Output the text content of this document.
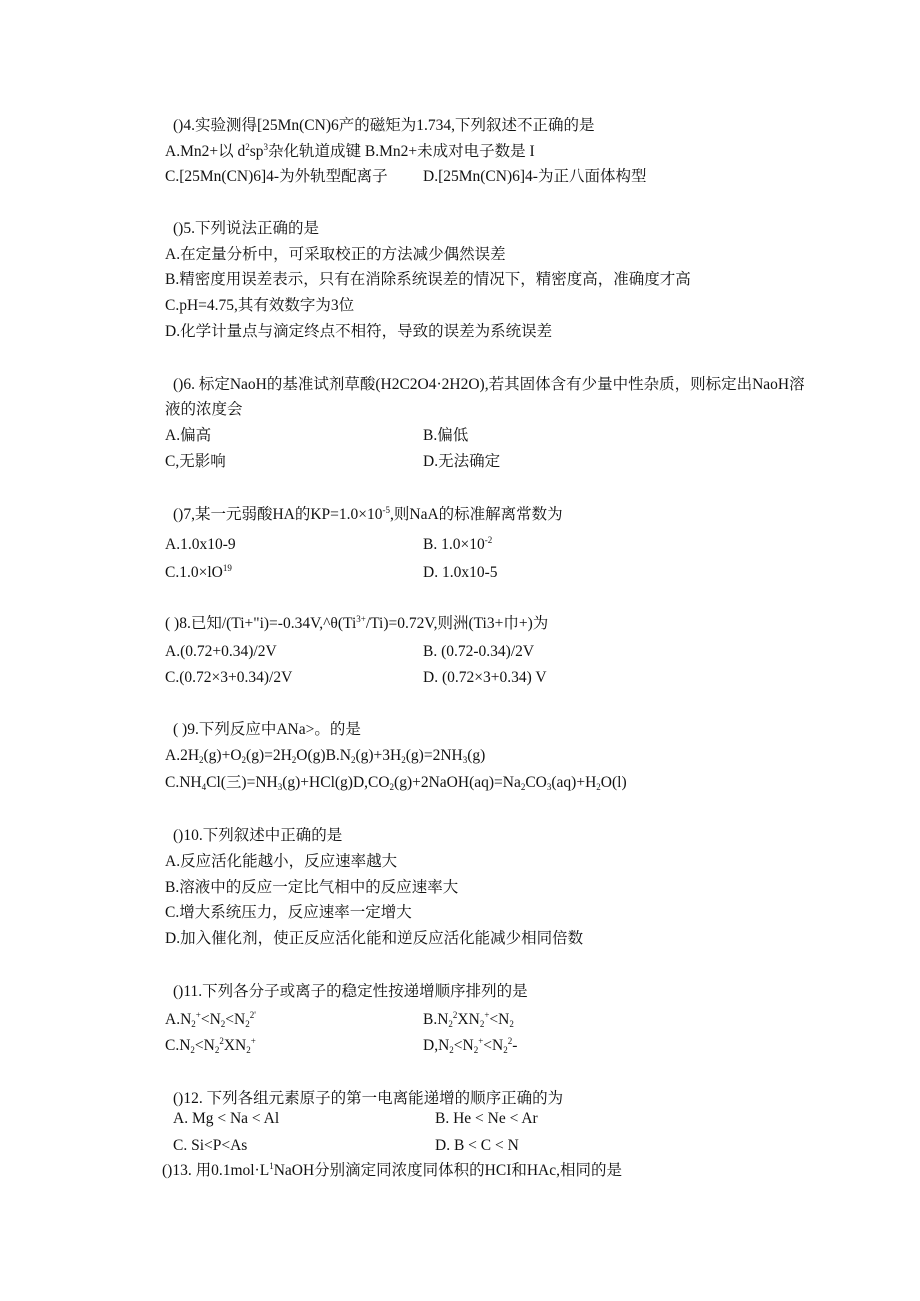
()4.实验测得[25Mn(CN)6产的磁矩为1.734,下列叙述不正确的是
A.Mn2+以 $d^2sp^3$杂化轨道成键 B.Mn2+未成对电子数是 I
C.[25Mn(CN)6]4-为外轨型配离子 D.[25Mn(CN)6]4-为正八面体构型
()5.下列说法正确的是
A.在定量分析中，可采取校正的方法减少偶然误差
B.精密度用误差表示，只有在消除系统误差的情况下，精密度高，准确度才高
C.pH=4.75,其有效数字为3位
D.化学计量点与滴定终点不相符，导致的误差为系统误差
()6. 标定NaoH的基准试剂草酸(H2C2O4·2H2O),若其固体含有少量中性杂质，则标定出NaoH溶
液的浓度会
A.偏高	B.偏低
C,无影响	D.无法确定
()7,某一元弱酸HA的$KP=1.0\times 10^{-5}$,则NaA的标准解离常数为
A.1.0x10-9	B. $1.0\times 10^{-2}$
$C.1.0\times lO^{19}$	D. 1.0x10-5
( )8.已知$/(Ti+"i)=-0.34V,\^{}\theta(Ti^{3+}/Ti)=0.72V$,则洲(Ti3+巾+)为
A.(0.72+0.34)/2V	B. (0.72-0.34)/2V
C.(0.72×3+0.34)/2V	D. (0.72×3+0.34) V
( )9.下列反应中ANa>。的是
$A.2H_2(g)+O_2(g)=2H_2O(g)B.N_2(g)+3H_2(g)=2NH_3(g)$
$C.NH_4Cl$(三)$=NH_3(g)+HCl(g)D,CO_2(g)+2NaOH(aq)=Na_2CO_3(aq)+H_2O(l)$
()10.下列叙述中正确的是
A.反应活化能越小，反应速率越大
B.溶液中的反应一定比气相中的反应速率大
C.增大系统压力，反应速率一定增大
D.加入催化剂，使正反应活化能和逆反应活化能减少相同倍数
()11.下列各分子或离子的稳定性按递增顺序排列的是
$A.N_2^+<N_2<N_2^{2'}$	$B.N_2^2XN_2^+<N_2$
$C.N_2<N_2^2XN_2^+$	$D,N_2<N_2^+<N_2^2-$
()12. 下列各组元素原子的第一电离能递增的顺序正确的为
A. Mg < Na < Al	B. He < Ne < Ar
C. Si<P<As	D. B < C < N
()13. 用$0.1mol\cdot L^1NaOH$分别滴定同浓度同体积的HCI和HAc,相同的是
